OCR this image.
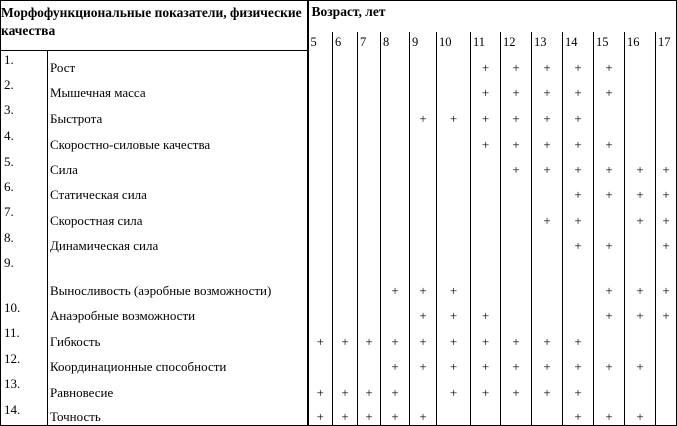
Морфофункциональные показатели, физические качества		Возраст, лет												
		5	6	7	8	9	10	11	12	13	14	15	16	17
1.	Рост							+	+	+	+	+		
2.	Мышечная масса							+	+	+	+	+		
3.	Быстрота					+	+	+	+	+	+			
4.	Скоростно-силовые качества							+	+	+	+	+		
5.	Сила								+	+	+	+	+	+
6.	Статическая сила										+	+	+	+
7.	Скоростная сила									+	+		+	+
8.	Динамическая сила										+	+		+
9.	Выносливость (аэробные возможности)				+	+	+					+	+	+
10.	Анаэробные возможности					+	+	+				+	+	+
11.	Гибкость	+	+	+	+	+	+	+	+	+	+			
12.	Координационные способности				+	+	+	+	+	+	+	+	+	
13.	Равновесие	+	+	+	+		+	+	+	+	+			
14.	Точность	+	+	+	+	+					+	+	+	
